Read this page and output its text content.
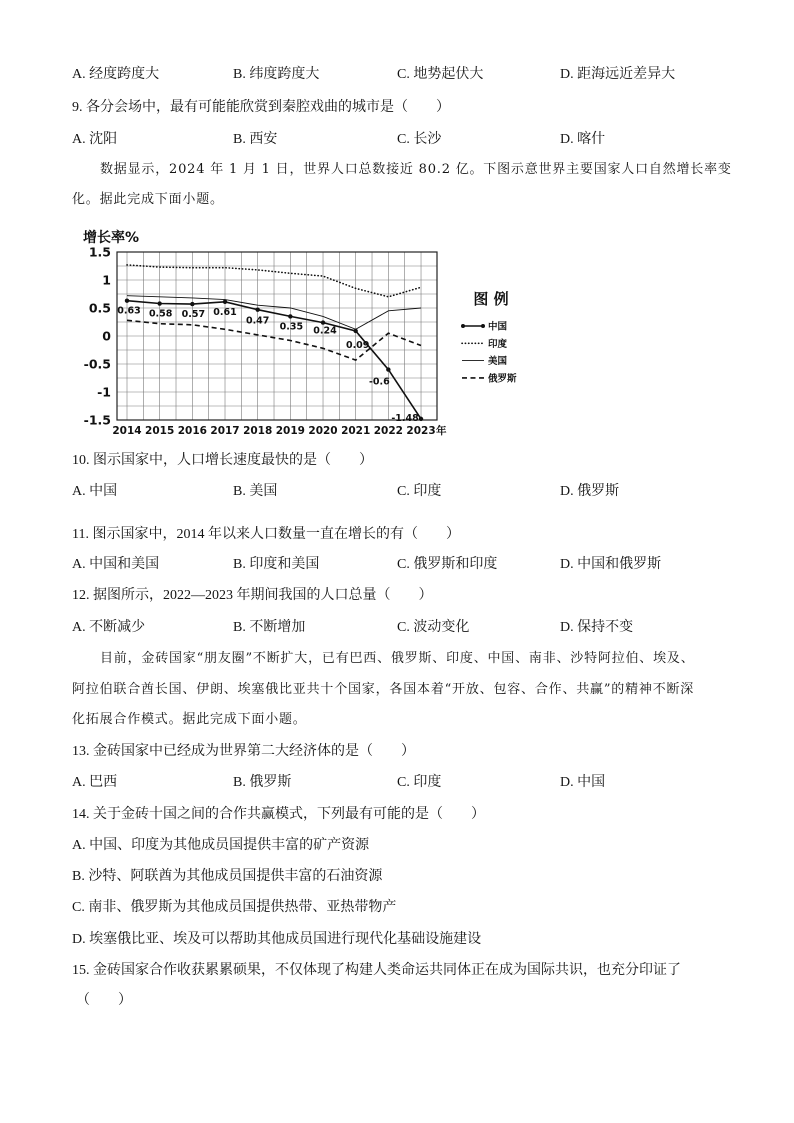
A. 经度跨度大	B. 纬度跨度大	C. 地势起伏大	D. 距海远近差异大
9. 各分会场中，最有可能能欣赏到秦腔戏曲的城市是（　　）
A. 沈阳	B. 西安	C. 长沙	D. 喀什
数据显示，2024 年 1 月 1 日，世界人口总数接近 80.2 亿。下图示意世界主要国家人口自然增长率变
化。据此完成下面小题。
1.5
1
0.5
0
-0.5
-1
-1.5
2014 2015 2016 2017 2018 2019 2020 2021 2022 2023
0.63 0.58 0.57 0.61
0.47
0.35 0.24
0.09
-0.6
-1.48
增长率%
年
图 例
中国
印度
美国
俄罗斯
10. 图示国家中，人口增长速度最快的是（　　）
A. 中国	B. 美国	C. 印度	D. 俄罗斯
11. 图示国家中，2014 年以来人口数量一直在增长的有（　　）
A. 中国和美国	B. 印度和美国	C. 俄罗斯和印度	D. 中国和俄罗斯
12. 据图所示，2022—2023 年期间我国的人口总量（　　）
A. 不断减少	B. 不断增加	C. 波动变化	D. 保持不变
目前，金砖国家“朋友圈”不断扩大，已有巴西、俄罗斯、印度、中国、南非、沙特阿拉伯、埃及、
阿拉伯联合酋长国、伊朗、埃塞俄比亚共十个国家，各国本着“开放、包容、合作、共赢”的精神不断深
化拓展合作模式。据此完成下面小题。
13. 金砖国家中已经成为世界第二大经济体的是（　　）
A. 巴西	B. 俄罗斯	C. 印度	D. 中国
14. 关于金砖十国之间的合作共赢模式，下列最有可能的是（　　）
A. 中国、印度为其他成员国提供丰富的矿产资源
B. 沙特、阿联酋为其他成员国提供丰富的石油资源
C. 南非、俄罗斯为其他成员国提供热带、亚热带物产
D. 埃塞俄比亚、埃及可以帮助其他成员国进行现代化基础设施建设
15. 金砖国家合作收获累累硕果，不仅体现了构建人类命运共同体正在成为国际共识，也充分印证了
（　　）
